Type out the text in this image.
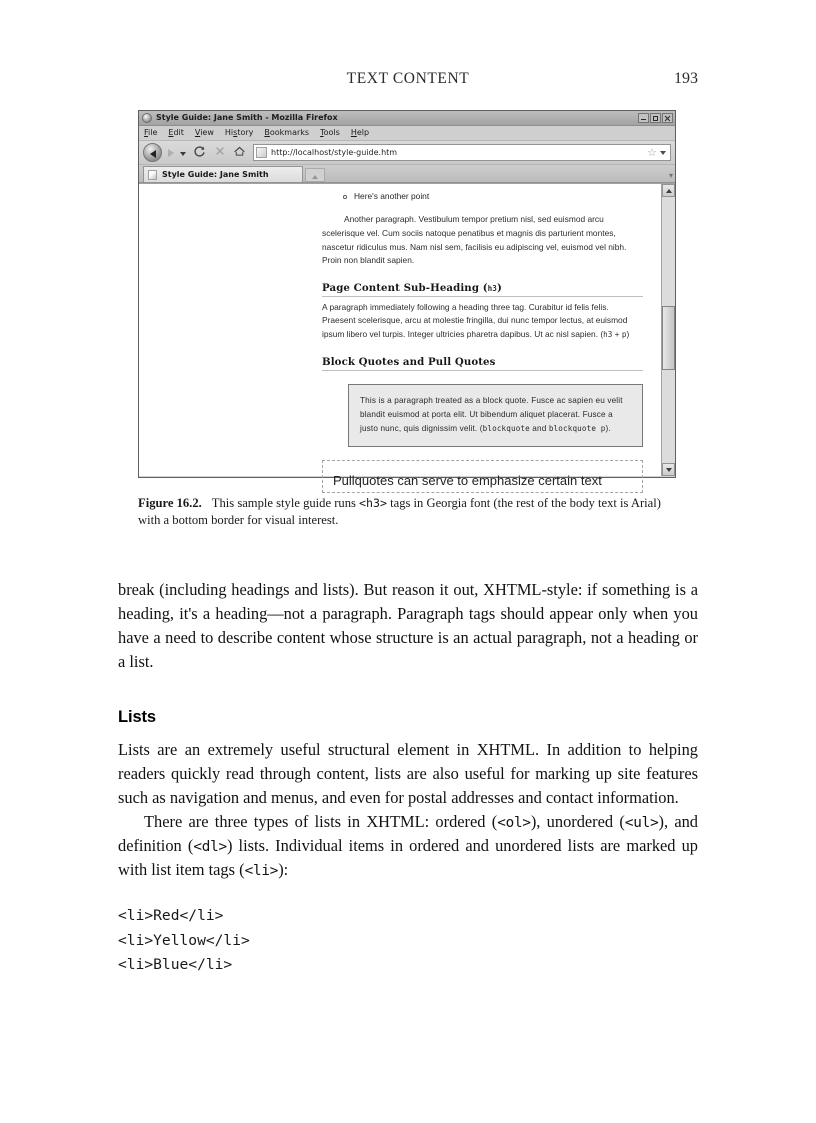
TEXT CONTENT	193
Style Guide: Jane Smith - Mozilla Firefox
File Edit View History Bookmarks Tools Help
http://localhost/style-guide.htm	☆
Style Guide: Jane Smith	▾
Here's another point

Another paragraph. Vestibulum tempor pretium nisl, sed euismod arcu scelerisque vel. Cum sociis natoque penatibus et magnis dis parturient montes, nascetur ridiculus mus. Nam nisl sem, facilisis eu adipiscing vel, euismod vel nibh. Proin non blandit sapien.

Page Content Sub-Heading (h3)

A paragraph immediately following a heading three tag. Curabitur id felis felis. Praesent scelerisque, arcu at molestie fringilla, dui nunc tempor lectus, at euismod ipsum libero vel turpis. Integer ultricies pharetra dapibus. Ut ac nisl sapien. (h3 + p)

Block Quotes and Pull Quotes

This is a paragraph treated as a block quote. Fusce ac sapien eu velit blandit euismod at porta elit. Ut bibendum aliquet placerat. Fusce a justo nunc, quis dignissim velit. (blockquote and blockquote p).

Pullquotes can serve to emphasize certain text

Figure 16.2. This sample style guide runs <h3> tags in Georgia font (the rest of the body text is Arial) with a bottom border for visual interest.

break (including headings and lists). But reason it out, XHTML-style: if something is a heading, it's a heading—not a paragraph. Paragraph tags should appear only when you have a need to describe content whose structure is an actual paragraph, not a heading or a list.

Lists

Lists are an extremely useful structural element in XHTML. In addition to helping readers quickly read through content, lists are also useful for marking up site features such as navigation and menus, and even for postal addresses and contact information.

There are three types of lists in XHTML: ordered (<ol>), unordered (<ul>), and definition (<dl>) lists. Individual items in ordered and unordered lists are marked up with list item tags (<li>):

<li>Red</li>
<li>Yellow</li>
<li>Blue</li>
